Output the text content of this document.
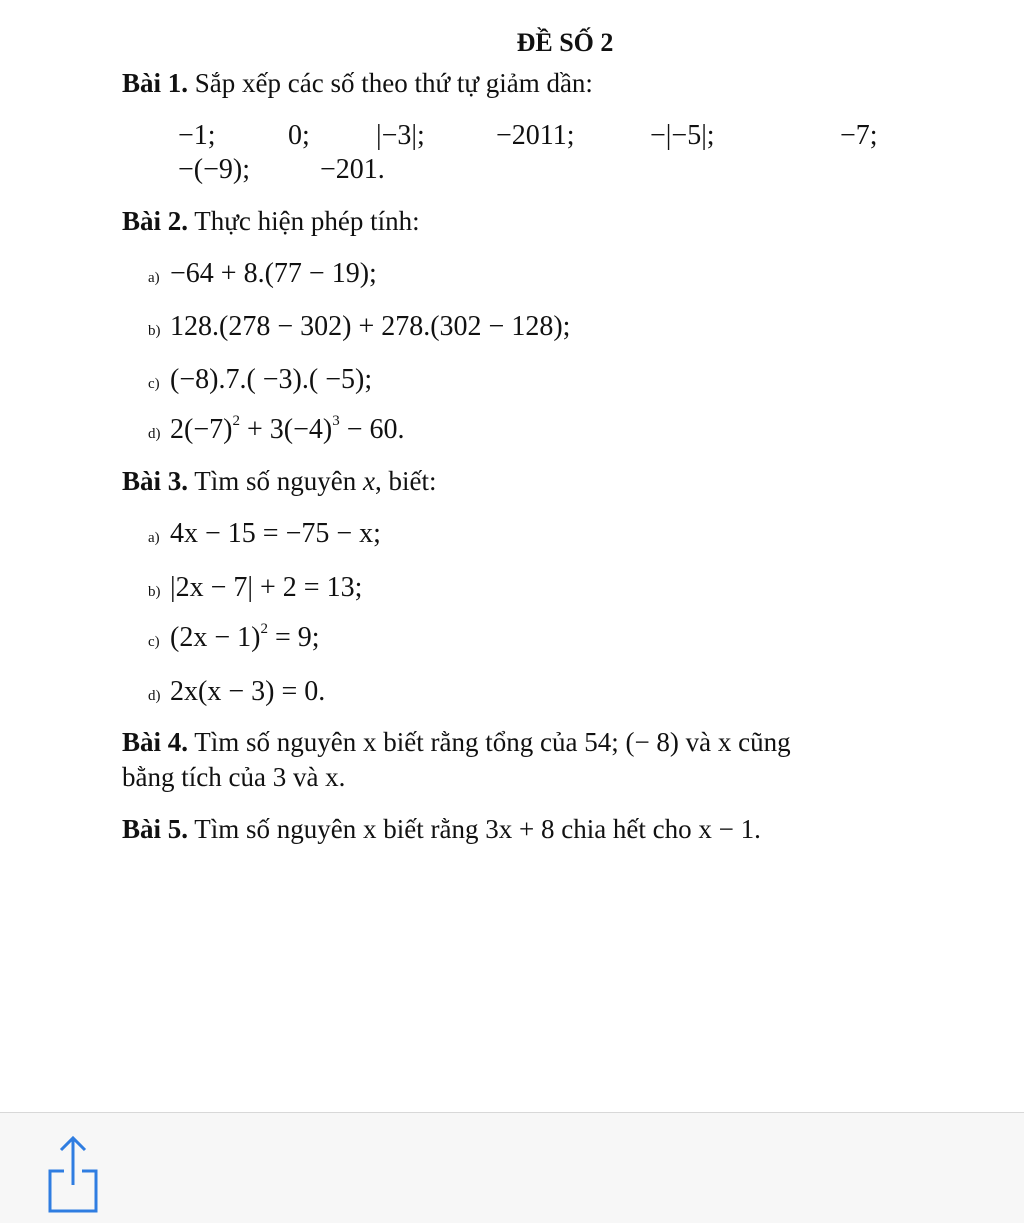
ĐỀ SỐ 2
Bài 1. Sắp xếp các số theo thứ tự giảm dần:
−1;	0; |−3|;	−2011;	−|−5|;	−7;
−(−9); −201.
Bài 2. Thực hiện phép tính:
a) −64 + 8.(77 − 19);
b) 128.(278 − 302) + 278.(302 − 128);
c) (−8).7.( −3).( −5);
d) $2(-7)^2 + 3(-4)^3 - 60$.
Bài 3. Tìm số nguyên x, biết:
a) 4x − 15 = −75 − x;
b) |2x − 7| + 2 = 13;
c) $(2x - 1)^2 = 9$;
d) 2x(x − 3) = 0.
Bài 4. Tìm số nguyên x biết rằng tổng của 54; (− 8) và x cũng
bằng tích của 3 và x.
Bài 5. Tìm số nguyên x biết rằng 3x + 8 chia hết cho x − 1.
